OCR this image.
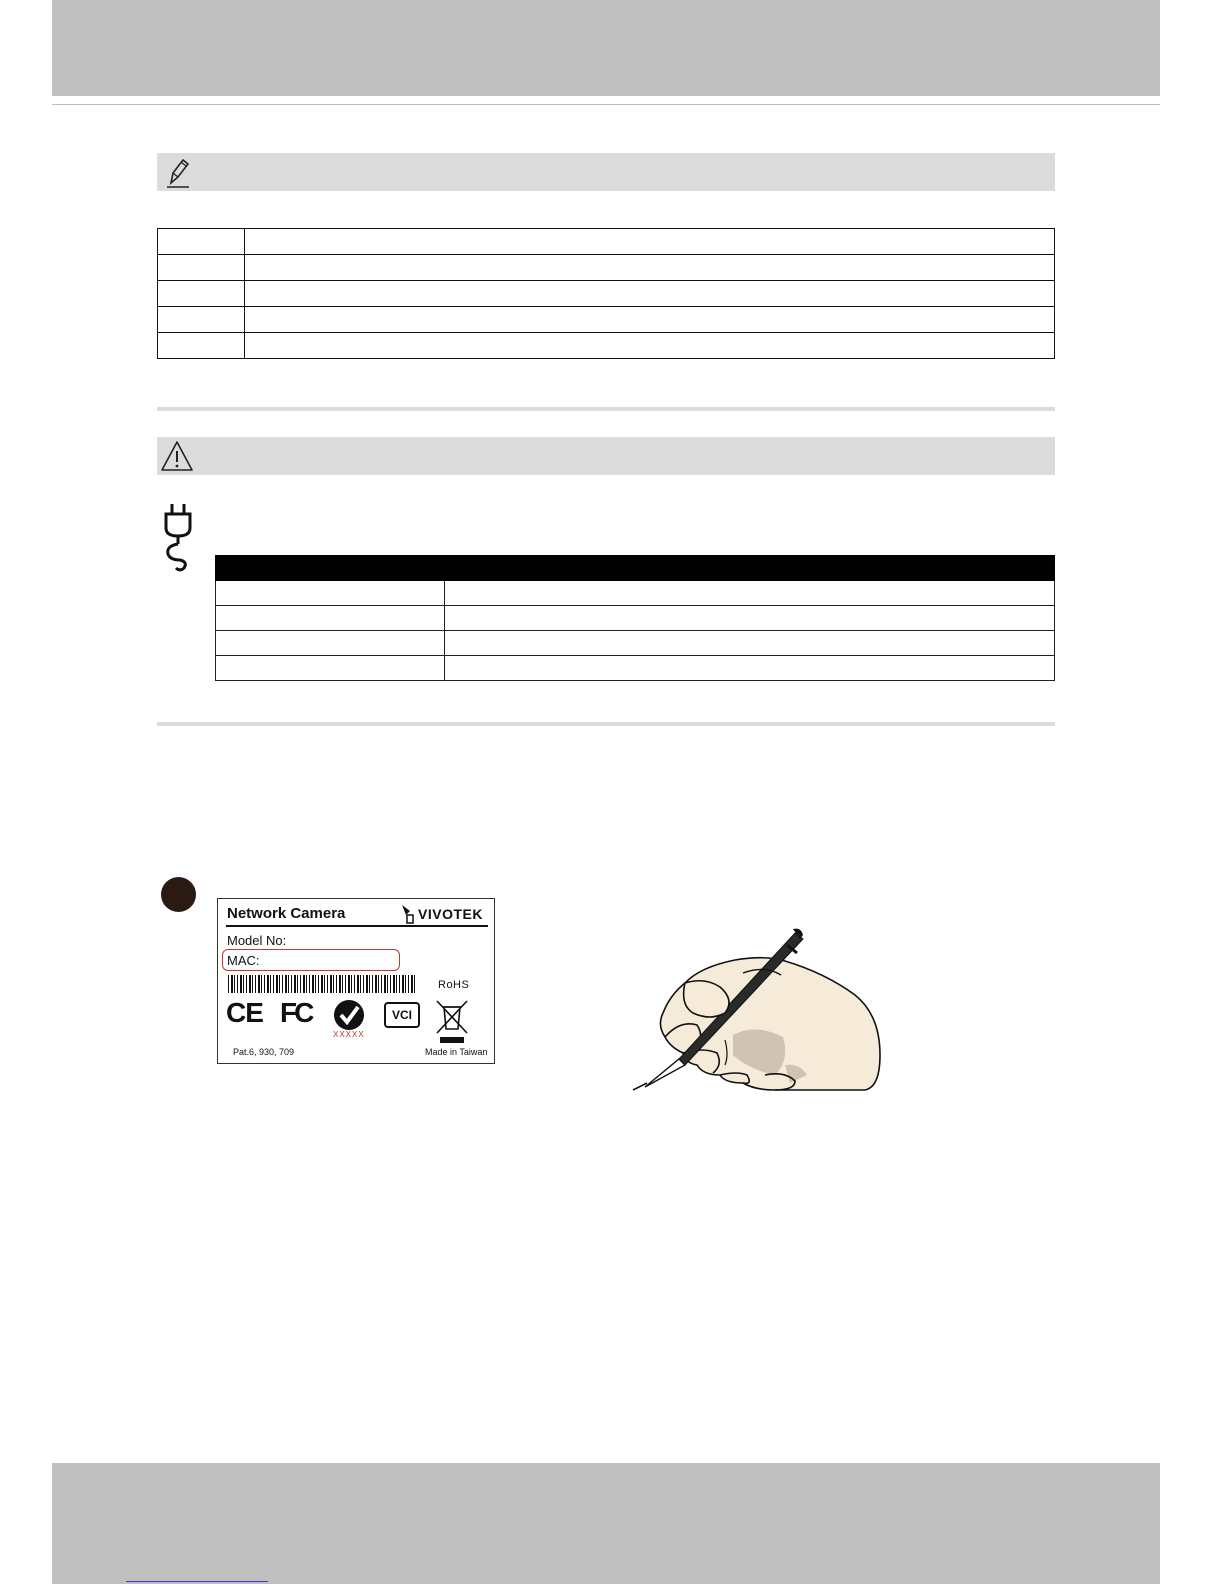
Network Camera	VIVOTEK
Model No:
MAC:
RoHS
CE FC
XXXXX
VCI
Pat.6, 930, 709	Made in Taiwan
